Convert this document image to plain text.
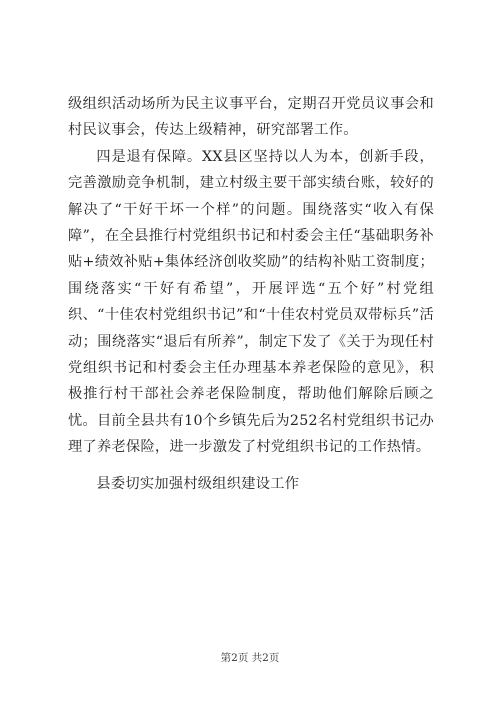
级组织活动场所为民主议事平台，定期召开党员议事会和村民议事会，传达上级精神，研究部署工作。

四是退有保障。XX县区坚持以人为本，创新手段，完善激励竞争机制，建立村级主要干部实绩台账，较好的解决了“干好干坏一个样”的问题。围绕落实“收入有保障”，在全县推行村党组织书记和村委会主任“基础职务补贴+绩效补贴+集体经济创收奖励”的结构补贴工资制度；围绕落实“干好有希望”，开展评选“五个好”村党组织、“十佳农村党组织书记”和“十佳农村党员双带标兵”活动；围绕落实“退后有所养”，制定下发了《关于为现任村党组织书记和村委会主任办理基本养老保险的意见》，积极推行村干部社会养老保险制度，帮助他们解除后顾之忧。目前全县共有10个乡镇先后为252名村党组织书记办理了养老保险，进一步激发了村党组织书记的工作热情。

县委切实加强村级组织建设工作

第2页 共2页
